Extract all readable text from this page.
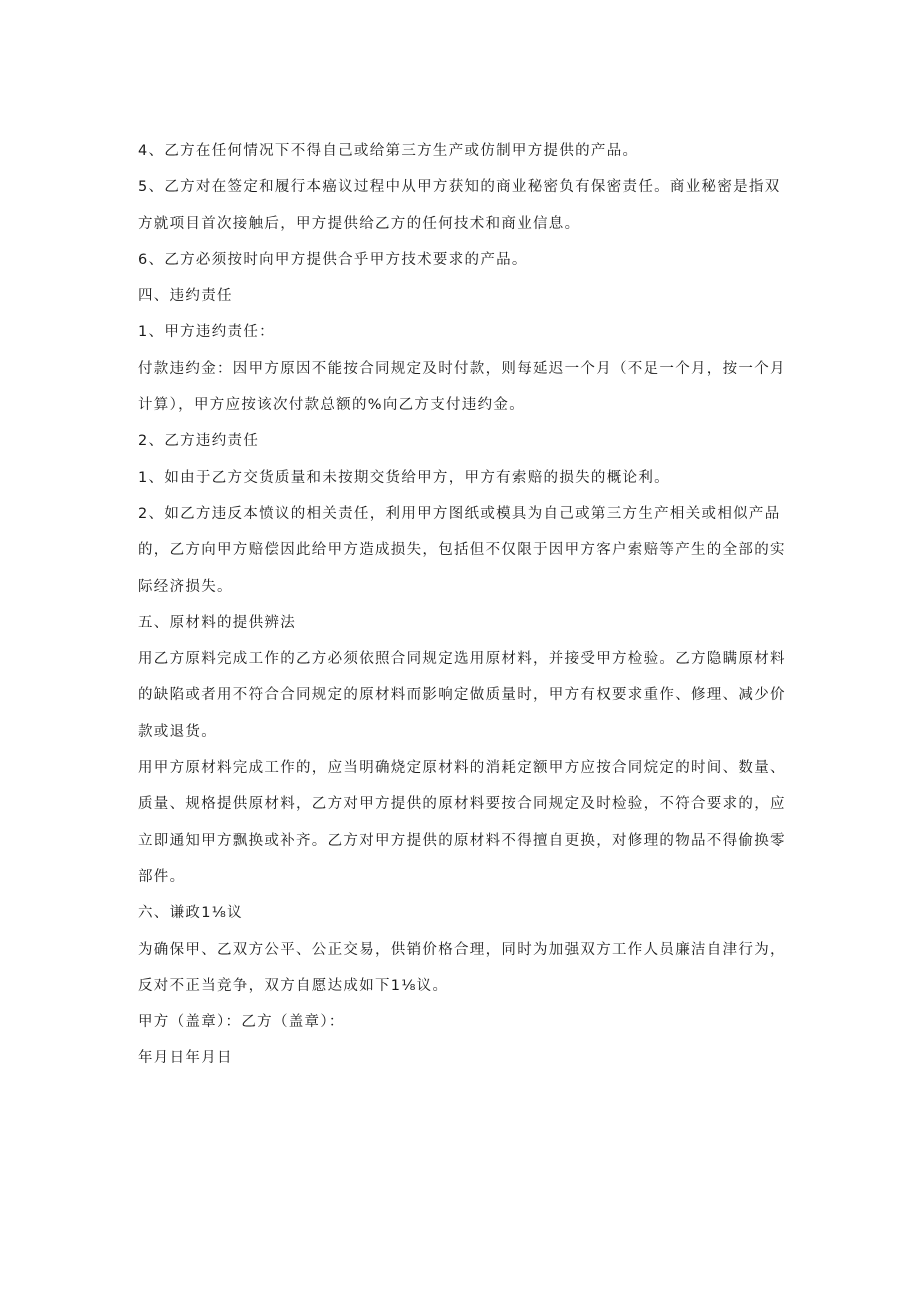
4、乙方在任何情况下不得自己或给第三方生产或仿制甲方提供的产品。

5、乙方对在签定和履行本癌议过程中从甲方获知的商业秘密负有保密责任。商业秘密是指双方就项目首次接触后，甲方提供给乙方的任何技术和商业信息。

6、乙方必须按时向甲方提供合乎甲方技术要求的产品。

四、违约责任

1、甲方违约责任：

付款违约金：因甲方原因不能按合同规定及时付款，则每延迟一个月（不足一个月，按一个月计算），甲方应按该次付款总额的%向乙方支付违约金。

2、乙方违约责任

1、如由于乙方交货质量和未按期交货给甲方，甲方有索赔的损失的概论利。

2、如乙方违反本愤议的相关责任，利用甲方图纸或模具为自己或第三方生产相关或相似产品的，乙方向甲方赔偿因此给甲方造成损失，包括但不仅限于因甲方客户索赔等产生的全部的实际经济损失。

五、原材料的提供辨法

用乙方原料完成工作的乙方必须依照合同规定选用原材料，并接受甲方检验。乙方隐瞒原材料的缺陷或者用不符合合同规定的原材料而影响定做质量时，甲方有权要求重作、修理、减少价款或退货。

用甲方原材料完成工作的，应当明确烧定原材料的消耗定额甲方应按合同烷定的时间、数量、质量、规格提供原材料，乙方对甲方提供的原材料要按合同规定及时检验，不符合要求的，应立即通知甲方飘换或补齐。乙方对甲方提供的原材料不得擅自更换，对修理的物品不得偷换零部件。

六、谦政1⅛议

为确保甲、乙双方公平、公正交易，供销价格合理，同时为加强双方工作人员廉洁自津行为，反对不正当竞争，双方自愿达成如下1⅛议。

甲方（盖章）：乙方（盖章）：

年月日年月日
